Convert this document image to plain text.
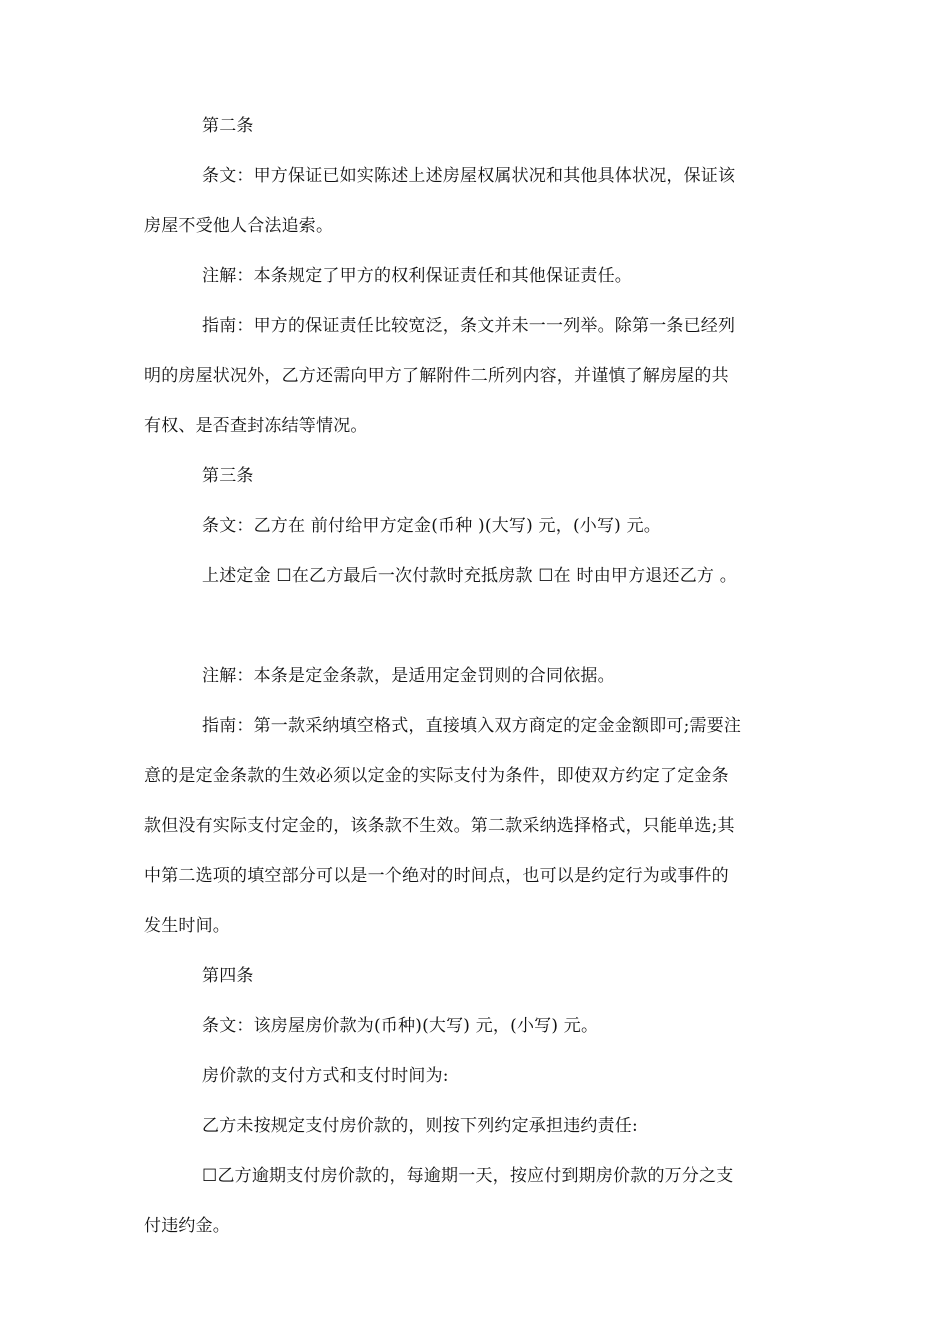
第二条
条文：甲方保证已如实陈述上述房屋权属状况和其他具体状况，保证该
房屋不受他人合法追索。
注解：本条规定了甲方的权利保证责任和其他保证责任。
指南：甲方的保证责任比较宽泛，条文并未一一列举。除第一条已经列
明的房屋状况外，乙方还需向甲方了解附件二所列内容，并谨慎了解房屋的共
有权、是否查封冻结等情况。
第三条
条文：乙方在 前付给甲方定金(币种 )(大写) 元，(小写) 元。
上述定金 ☐在乙方最后一次付款时充抵房款 ☐在 时由甲方退还乙方 。
注解：本条是定金条款，是适用定金罚则的合同依据。
指南：第一款采纳填空格式，直接填入双方商定的定金金额即可;需要注
意的是定金条款的生效必须以定金的实际支付为条件，即使双方约定了定金条
款但没有实际支付定金的，该条款不生效。第二款采纳选择格式，只能单选;其
中第二选项的填空部分可以是一个绝对的时间点，也可以是约定行为或事件的
发生时间。
第四条
条文：该房屋房价款为(币种)(大写) 元，(小写) 元。
房价款的支付方式和支付时间为:
乙方未按规定支付房价款的，则按下列约定承担违约责任:
☐乙方逾期支付房价款的，每逾期一天，按应付到期房价款的万分之支
付违约金。
